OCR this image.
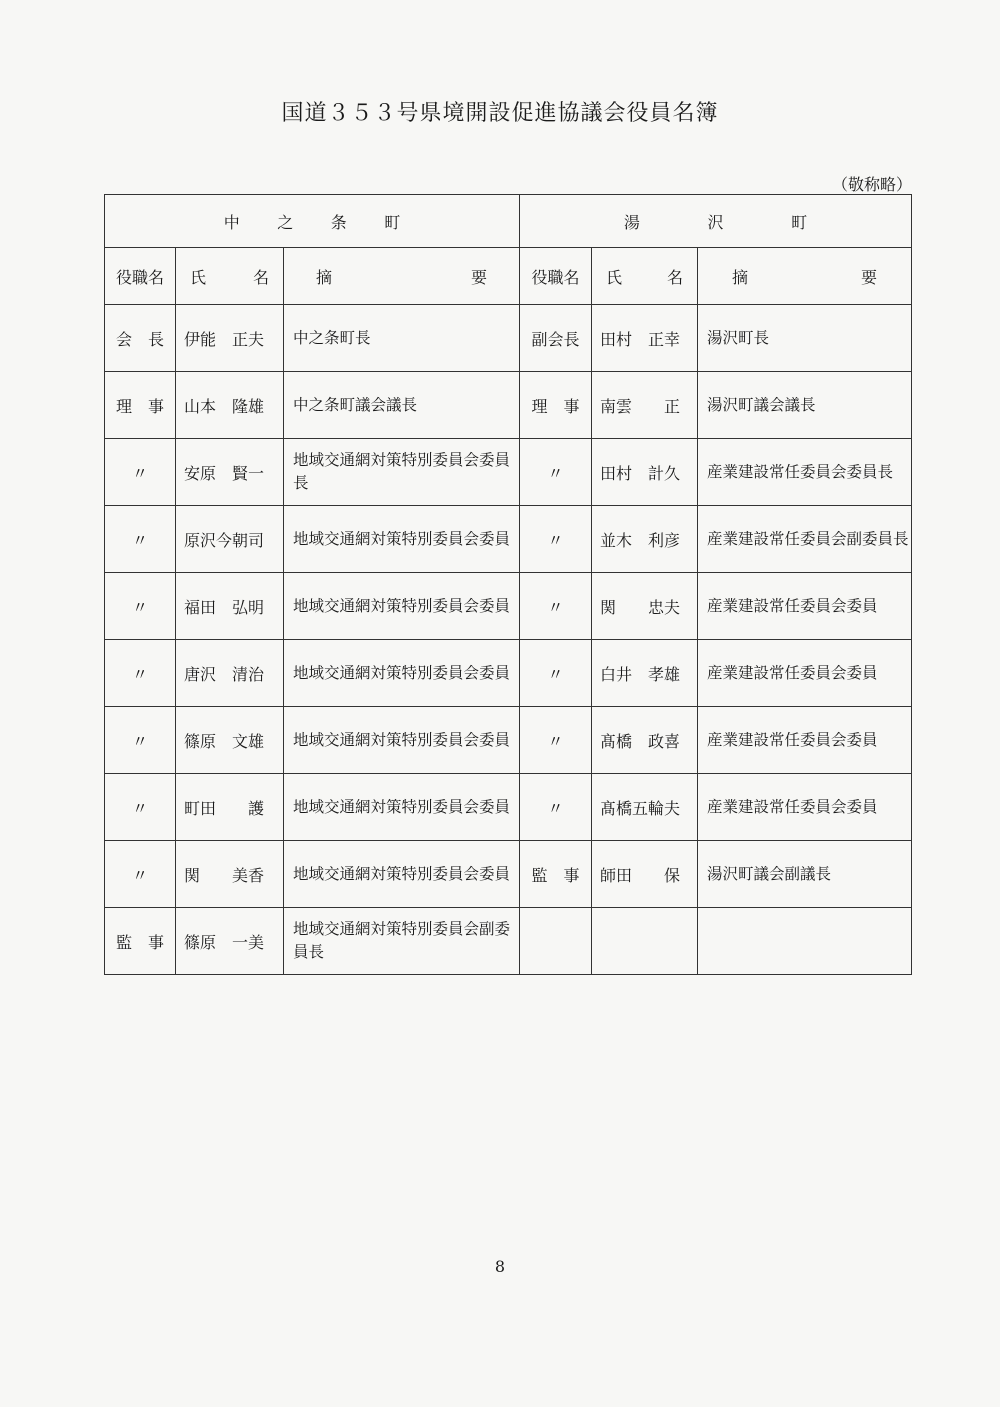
国道３５３号県境開設促進協議会役員名簿
（敬称略）
中 之 条 町			湯 沢 町		

役職名	氏 名	摘 要	役職名	氏 名	摘 要

会　長	伊能　正夫	中之条町長	副会長	田村　正幸	湯沢町長
理　事	山本　隆雄	中之条町議会議長	理　事	南雲　　正	湯沢町議会議長
〃	安原　賢一	地域交通網対策特別委員会委員長	〃	田村　計久	産業建設常任委員会委員長
〃	原沢今朝司	地域交通網対策特別委員会委員	〃	並木　利彦	産業建設常任委員会副委員長
〃	福田　弘明	地域交通網対策特別委員会委員	〃	関　　忠夫	産業建設常任委員会委員
〃	唐沢　清治	地域交通網対策特別委員会委員	〃	白井　孝雄	産業建設常任委員会委員
〃	篠原　文雄	地域交通網対策特別委員会委員	〃	髙橋　政喜	産業建設常任委員会委員
〃	町田　　護	地域交通網対策特別委員会委員	〃	髙橋五輪夫	産業建設常任委員会委員
〃	関　　美香	地域交通網対策特別委員会委員	監　事	師田　　保	湯沢町議会副議長
監　事	篠原　一美	地域交通網対策特別委員会副委員長			
8
